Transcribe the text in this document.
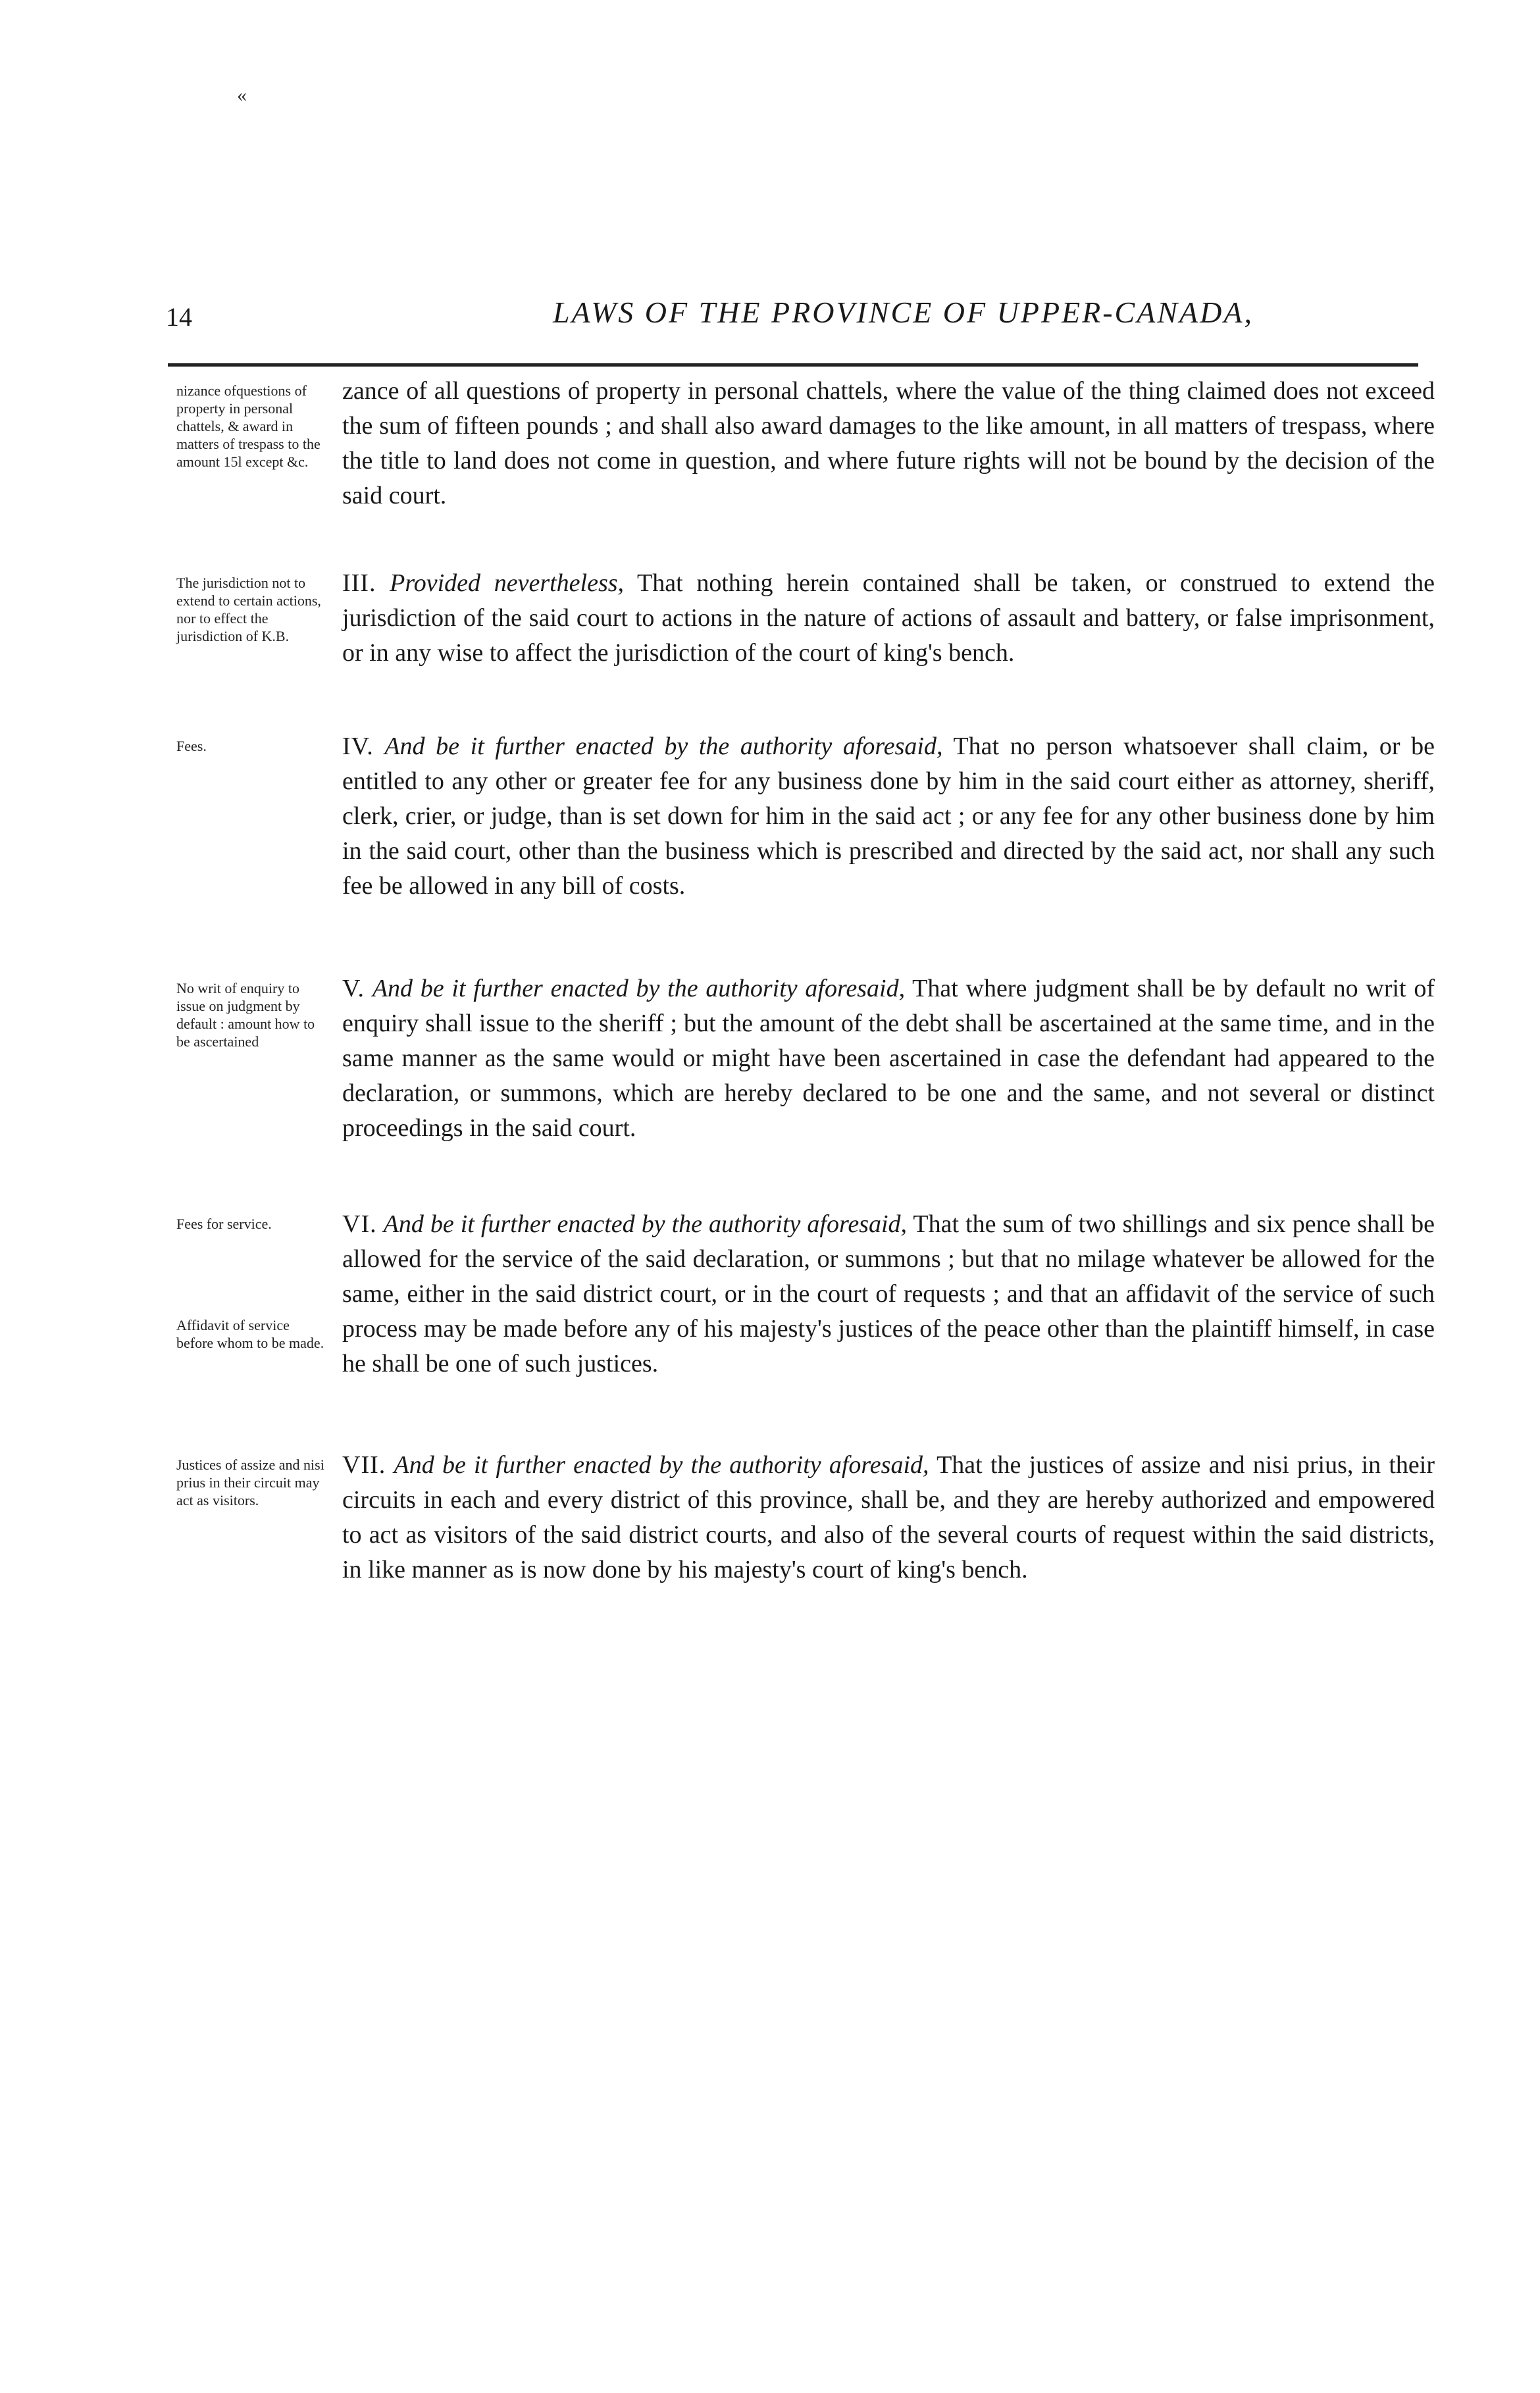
«
14	LAWS OF THE PROVINCE OF UPPER-CANADA,
nizance ofquestions of property in personal chattels, & award in matters of trespass to the amount 15l except &c.
zance of all questions of property in personal chattels, where the value of the thing claimed does not exceed the sum of fifteen pounds ; and shall also award damages to the like amount, in all matters of trespass, where the title to land does not come in question, and where future rights will not be bound by the decision of the said court.
The jurisdiction not to extend to certain actions, nor to effect the jurisdiction of K.B.
III. Provided nevertheless, That nothing herein contained shall be taken, or construed to extend the jurisdiction of the said court to actions in the nature of actions of assault and battery, or false imprisonment, or in any wise to affect the jurisdiction of the court of king's bench.
Fees.	IV. And be it further enacted by the authority aforesaid, That no person whatsoever shall claim, or be entitled to any other or greater fee for any business done by him in the said court either as attorney, sheriff, clerk, crier, or judge, than is set down for him in the said act ; or any fee for any other business done by him in the said court, other than the business which is prescribed and directed by the said act, nor shall any such fee be allowed in any bill of costs.
No writ of enquiry to issue on judgment by default : amount how to be ascertained
V. And be it further enacted by the authority aforesaid, That where judgment shall be by default no writ of enquiry shall issue to the sheriff ; but the amount of the debt shall be ascertained at the same time, and in the same manner as the same would or might have been ascertained in case the defendant had appeared to the declaration, or summons, which are hereby declared to be one and the same, and not several or distinct proceedings in the said court.
Fees for service.
Affidavit of service before whom to be made.
VI. And be it further enacted by the authority aforesaid, That the sum of two shillings and six pence shall be allowed for the service of the said declaration, or summons ; but that no milage whatever be allowed for the same, either in the said district court, or in the court of requests ; and that an affidavit of the service of such process may be made before any of his majesty's justices of the peace other than the plaintiff himself, in case he shall be one of such justices.
Justices of assize and nisi prius in their circuit may act as visitors.
VII. And be it further enacted by the authority aforesaid, That the justices of assize and nisi prius, in their circuits in each and every district of this province, shall be, and they are hereby authorized and empowered to act as visitors of the said district courts, and also of the several courts of request within the said districts, in like manner as is now done by his majesty's court of king's bench.
